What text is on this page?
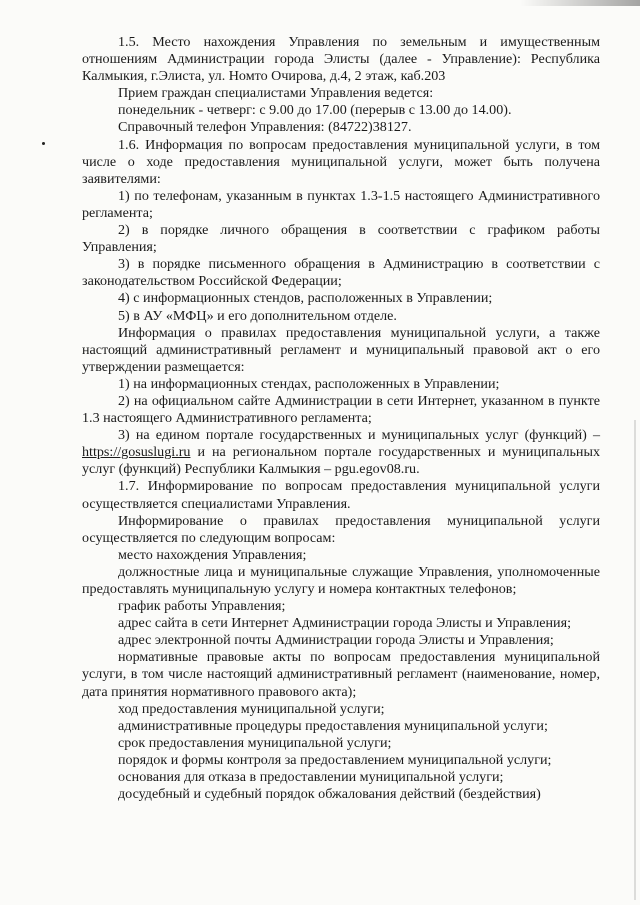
1.5. Место нахождения Управления по земельным и имущественным отношениям Администрации города Элисты (далее - Управление): Республика Калмыкия, г.Элиста, ул. Номто Очирова, д.4, 2 этаж, каб.203

Прием граждан специалистами Управления ведется:

понедельник - четверг: с 9.00 до 17.00 (перерыв с 13.00 до 14.00).

Справочный телефон Управления: (84722)38127.

1.6. Информация по вопросам предоставления муниципальной услуги, в том числе о ходе предоставления муниципальной услуги, может быть получена заявителями:

1) по телефонам, указанным в пунктах 1.3-1.5 настоящего Административного регламента;

2) в порядке личного обращения в соответствии с графиком работы Управления;

3) в порядке письменного обращения в Администрацию в соответствии с законодательством Российской Федерации;

4) с информационных стендов, расположенных в Управлении;

5) в АУ «МФЦ» и его дополнительном отделе.

Информация о правилах предоставления муниципальной услуги, а также настоящий административный регламент и муниципальный правовой акт о его утверждении размещается:

1) на информационных стендах, расположенных в Управлении;

2) на официальном сайте Администрации в сети Интернет, указанном в пункте 1.3 настоящего Административного регламента;

3) на едином портале государственных и муниципальных услуг (функций) – https://gosuslugi.ru и на региональном портале государственных и муниципальных услуг (функций) Республики Калмыкия – pgu.egov08.ru.

1.7. Информирование по вопросам предоставления муниципальной услуги осуществляется специалистами Управления.

Информирование о правилах предоставления муниципальной услуги осуществляется по следующим вопросам:

место нахождения Управления;

должностные лица и муниципальные служащие Управления, уполномоченные предоставлять муниципальную услугу и номера контактных телефонов;

график работы Управления;

адрес сайта в сети Интернет Администрации города Элисты и Управления;

адрес электронной почты Администрации города Элисты и Управления;

нормативные правовые акты по вопросам предоставления муниципальной услуги, в том числе настоящий административный регламент (наименование, номер, дата принятия нормативного правового акта);

ход предоставления муниципальной услуги;

административные процедуры предоставления муниципальной услуги;

срок предоставления муниципальной услуги;

порядок и формы контроля за предоставлением муниципальной услуги;

основания для отказа в предоставлении муниципальной услуги;

досудебный и судебный порядок обжалования действий (бездействия)
